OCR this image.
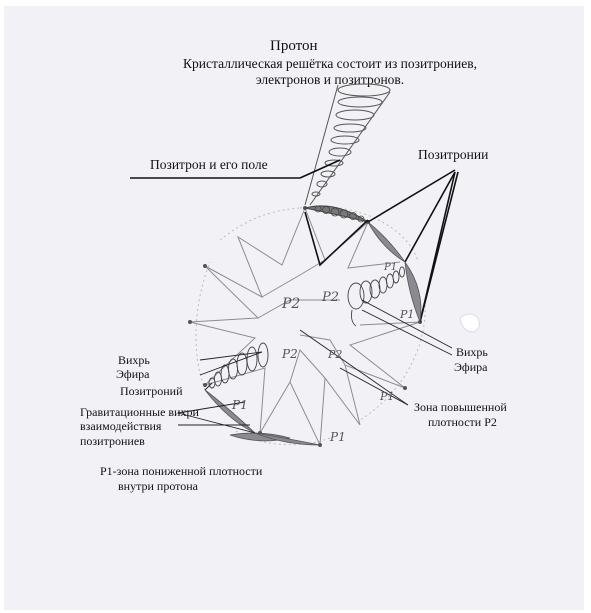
Протон
Кристаллическая решётка состоит из позитрониев,
электронов и позитронов.
P2 P2
P2	P2
P1
P1
P1
P1
P1
Позитрон и его поле
Позитронии
Вихрь
Эфира
Позитроний
Гравитационные вихри
взаимодействия
позитрониев
P1-зона пониженной плотности
внутри протона
Вихрь
Эфира
Зона повышенной
плотности P2
